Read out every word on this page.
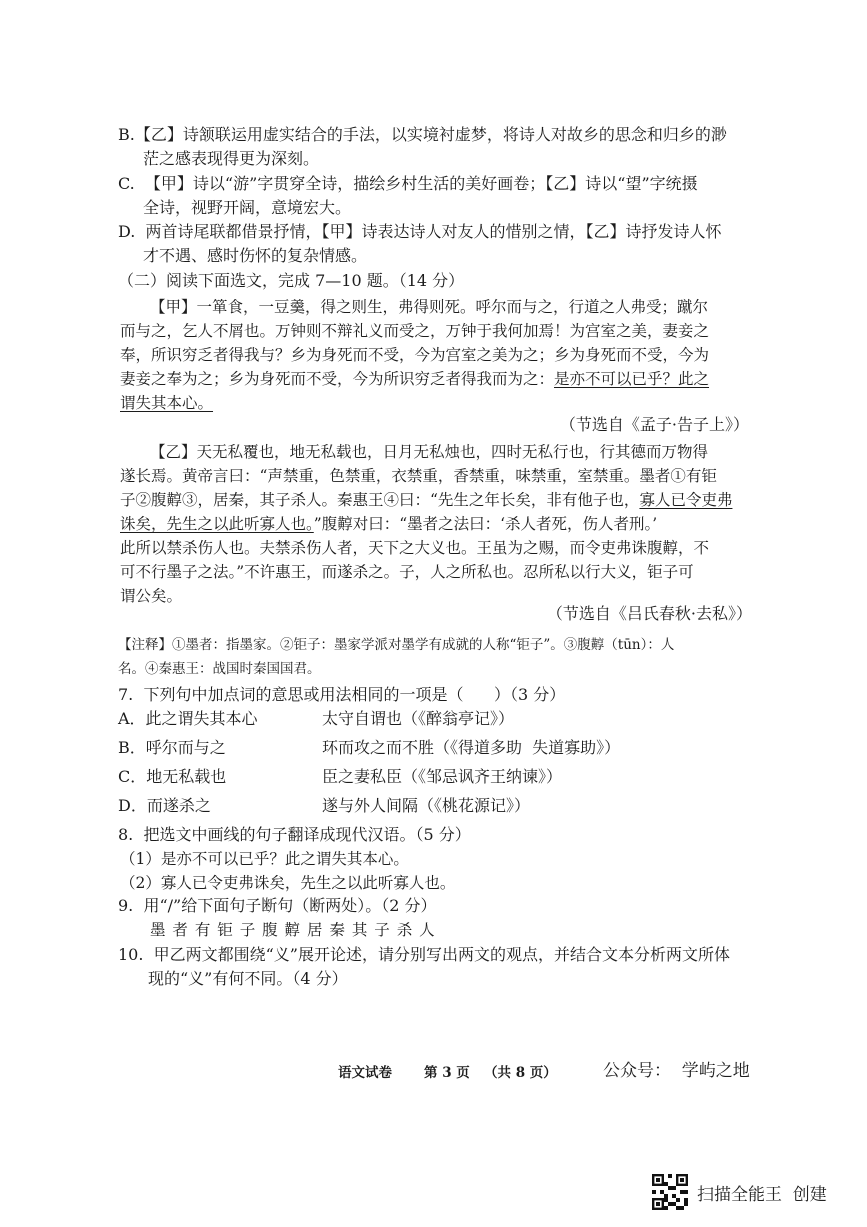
B.【乙】诗颔联运用虚实结合的手法，以实境衬虚梦，将诗人对故乡的思念和归乡的渺
茫之感表现得更为深刻。
C.  【甲】诗以“游”字贯穿全诗，描绘乡村生活的美好画卷；【乙】诗以“望”字统摄
全诗，视野开阔，意境宏大。
D.  两首诗尾联都借景抒情，【甲】诗表达诗人对友人的惜别之情，【乙】诗抒发诗人怀
才不遇、感时伤怀的复杂情感。
（二）阅读下面选文，完成 7—10 题。（14 分）
【甲】一箪食，一豆羹，得之则生，弗得则死。呼尔而与之，行道之人弗受；蹴尔
而与之，乞人不屑也。万钟则不辩礼义而受之，万钟于我何加焉！为宫室之美，妻妾之
奉，所识穷乏者得我与？乡为身死而不受，今为宫室之美为之；乡为身死而不受，今为
妻妾之奉为之；乡为身死而不受，今为所识穷乏者得我而为之：是亦不可以已乎？此之
谓失其本心。
（节选自《孟子·告子上》）
【乙】天无私覆也，地无私载也，日月无私烛也，四时无私行也，行其德而万物得
遂长焉。黄帝言曰：“声禁重，色禁重，衣禁重，香禁重，味禁重，室禁重。墨者①有钜
子②腹䵍③，居秦，其子杀人。秦惠王④曰：“先生之年长矣，非有他子也，寡人已令吏弗
诛矣，先生之以此听寡人也。”腹䵍对曰：“墨者之法曰：‘杀人者死，伤人者刑。’
此所以禁杀伤人也。夫禁杀伤人者，天下之大义也。王虽为之赐，而令吏弗诛腹䵍，不
可不行墨子之法。”不许惠王，而遂杀之。子，人之所私也。忍所私以行大义，钜子可
谓公矣。
（节选自《吕氏春秋·去私》）
【注释】①墨者：指墨家。②钜子：墨家学派对墨学有成就的人称“钜子”。③腹䵍（tūn）：人
名。④秦惠王：战国时秦国国君。
7.  下列句中加点词的意思或用法相同的一项是（      ）（3 分）
A．此之谓失其本心	太守自谓也（《醉翁亭记》）
B．呼尔而与之	环而攻之而不胜（《得道多助  失道寡助》）
C．地无私载也	臣之妻私臣（《邹忌讽齐王纳谏》）
D．而遂杀之	遂与外人间隔（《桃花源记》）
8.  把选文中画线的句子翻译成现代汉语。（5 分）
（1）是亦不可以已乎？此之谓失其本心。
（2）寡人已令吏弗诛矣，先生之以此听寡人也。
9.  用“/”给下面句子断句（断两处）。（2 分）
墨 者 有 钜 子 腹 䵍 居 秦 其 子 杀 人
10.  甲乙两文都围绕“义”展开论述，请分别写出两文的观点，并结合文本分析两文所体
现的“义”有何不同。（4 分）
语文试卷 第 3 页 （共 8 页）	公众号：  学屿之地
扫描全能王  创建
